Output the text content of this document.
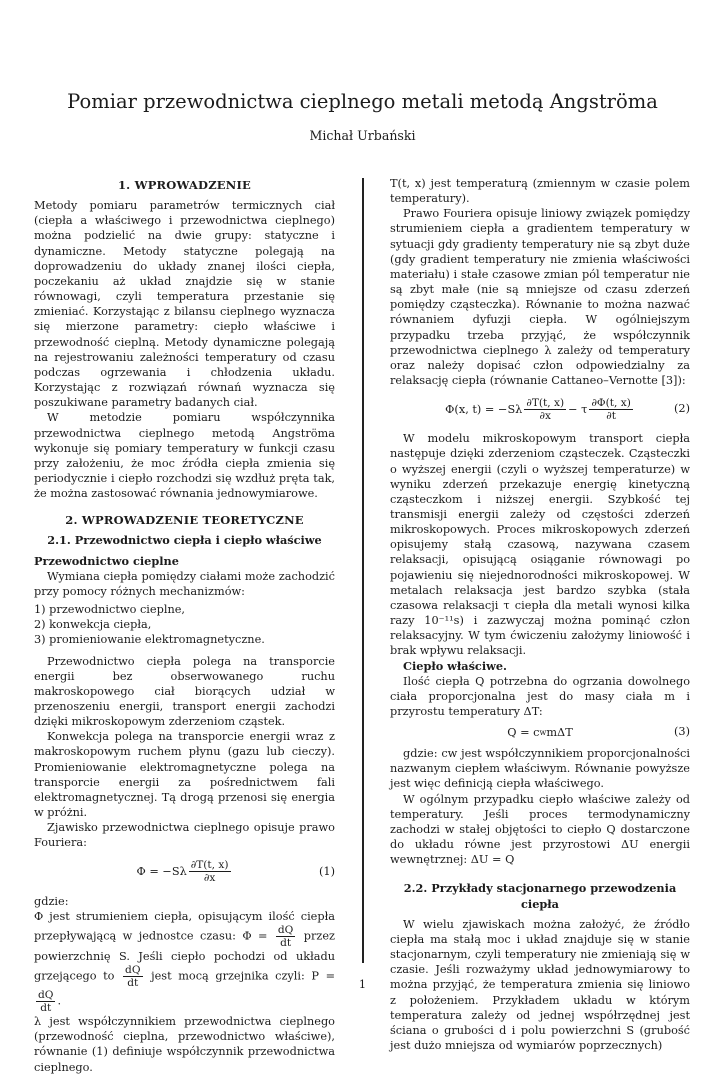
Pomiar przewodnictwa cieplnego metali metodą Angströma
Michał Urbański
1. WPROWADZENIE

Metody pomiaru parametrów termicznych ciał (ciepła a właściwego i przewodnictwa cieplnego) można podzielić na dwie grupy: statyczne i dynamiczne. Metody statyczne polegają na doprowadzeniu do układy znanej ilości ciepła, poczekaniu aż układ znajdzie się w stanie równowagi, czyli temperatura przestanie się zmieniać. Korzystając z bilansu cieplnego wyznacza się mierzone parametry: ciepło właściwe i przewodność cieplną. Metody dynamiczne polegają na rejestrowaniu zależności temperatury od czasu podczas ogrzewania i chłodzenia układu. Korzystając z rozwiązań równań wyznacza się poszukiwane parametry badanych ciał.

W metodzie pomiaru współczynnika przewodnictwa cieplnego metodą Angströma wykonuje się pomiary temperatury w funkcji czasu przy założeniu, że moc źródła ciepła zmienia się periodycznie i ciepło rozchodzi się wzdłuż pręta tak, że można zastosować równania jednowymiarowe.

2. WPROWADZENIE TEORETYCZNE
2.1. Przewodnictwo ciepła i ciepło właściwe
Przewodnictwo cieplne

Wymiana ciepła pomiędzy ciałami może zachodzić przy pomocy różnych mechanizmów:

1) przewodnictwo cieplne,
2) konwekcja ciepła,
3) promieniowanie elektromagnetyczne.

Przewodnictwo ciepła polega na transporcie energii bez obserwowanego ruchu makroskopowego ciał biorących udział w przenoszeniu energii, transport energii zachodzi dzięki mikroskopowym zderzeniom cząstek.

Konwekcja polega na transporcie energii wraz z makroskopowym ruchem płynu (gazu lub cieczy). Promieniowanie elektromagnetyczne polega na transporcie energii za pośrednictwem fali elektromagnetycznej. Tą drogą przenosi się energia w próżni.

Zjawisko przewodnictwa cieplnego opisuje prawo Fouriera:

$\Phi = -S\lambda \frac{\partial T(t, x)}{\partial x}$	(1)

gdzie:

Φ jest strumieniem ciepła, opisującym ilość ciepła przepływającą w jednostce czasu: $\Phi = \frac{dQ}{dt}$ przez powierzchnię S. Jeśli ciepło pochodzi od układu grzejącego to $\frac{dQ}{dt}$ jest mocą grzejnika czyli: P =
$\frac{dQ}{dt}$ .

λ jest współczynnikiem przewodnictwa cieplnego (przewodność cieplna, przewodnictwo właściwe), równanie (1) definiuje współczynnik przewodnictwa cieplnego.

T(t, x) jest temperaturą (zmiennym w czasie polem temperatury).

Prawo Fouriera opisuje liniowy związek pomiędzy strumieniem ciepła a gradientem temperatury w sytuacji gdy gradienty temperatury nie są zbyt duże (gdy gradient temperatury nie zmienia właściwości materiału) i stałe czasowe zmian pól temperatur nie są zbyt małe (nie są mniejsze od czasu zderzeń pomiędzy cząsteczka). Równanie to można nazwać równaniem dyfuzji ciepła. W ogólniejszym przypadku trzeba przyjąć, że współczynnik przewodnictwa cieplnego λ zależy od temperatury oraz należy dopisać człon odpowiedzialny za relaksację ciepła (równanie Cattaneo–Vernotte [3]):

Φ(x, $t) = -S\lambda \frac{\partial T(t, x)}{\partial x} - \tau \frac{\partial\Phi(t, x)}{\partial t}$	(2)

W modelu mikroskopowym transport ciepła następuje dzięki zderzeniom cząsteczek. Cząsteczki o wyższej energii (czyli o wyższej temperaturze) w wyniku zderzeń przekazuje energię kinetyczną cząsteczkom i niższej energii. Szybkość tej transmisji energii zależy od częstości zderzeń mikroskopowych. Proces mikroskopowych zderzeń opisujemy stałą czasową, nazywana czasem relaksacji, opisującą osiąganie równowagi po pojawieniu się niejednorodności mikroskopowej. W metalach relaksacja jest bardzo szybka (stała czasowa relaksacji τ ciepła dla metali wynosi kilka razy 10⁻¹¹s) i zazwyczaj można pominąć człon relaksacyjny. W tym ćwiczeniu założymy liniowość i brak wpływu relaksacji.

Ciepło właściwe.

Ilość ciepła Q potrzebna do ogrzania dowolnego ciała proporcjonalna jest do masy ciała m i przyrostu temperatury ΔT:

Q = c w mΔT	(3)

gdzie: cw jest współczynnikiem proporcjonalności nazwanym ciepłem właściwym. Równanie powyższe jest więc definicją ciepła właściwego.

W ogólnym przypadku ciepło właściwe zależy od temperatury. Jeśli proces termodynamiczny zachodzi w stałej objętości to ciepło Q dostarczone do układu równe jest przyrostowi ΔU energii wewnętrznej: ΔU = Q

2.2. Przykłady stacjonarnego przewodzenia ciepła

W wielu zjawiskach można założyć, że źródło ciepła ma stałą moc i układ znajduje się w stanie stacjonarnym, czyli temperatury nie zmieniają się w czasie. Jeśli rozważymy układ jednowymiarowy to można przyjąć, że temperatura zmienia się liniowo z położeniem. Przykładem układu w którym temperatura zależy od jednej współrzędnej jest ściana o grubości d i polu powierzchni S (grubość jest dużo mniejsza od wymiarów poprzecznych)

1
